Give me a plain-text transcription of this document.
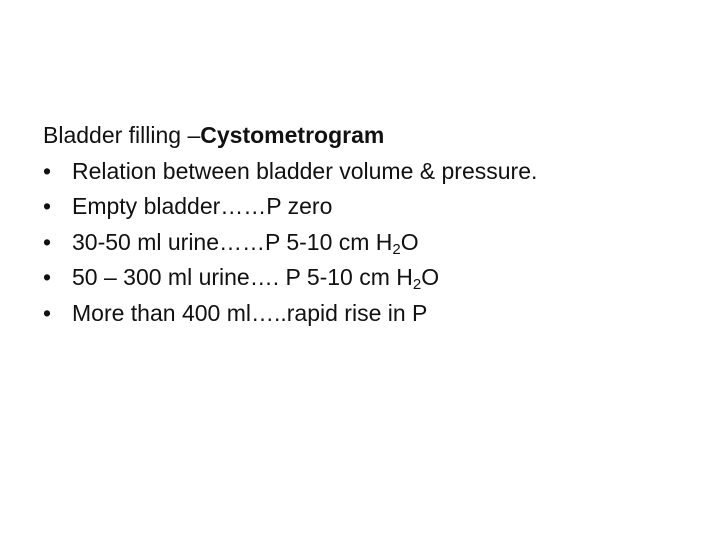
Bladder filling –Cystometrogram
• Relation between bladder volume & pressure.
• Empty bladder……P zero
• 30-50 ml urine……P 5-10 cm $H_2O$
• 50 – 300 ml urine…. P 5-10 cm $H_2O$
• More than 400 ml…..rapid rise in P
